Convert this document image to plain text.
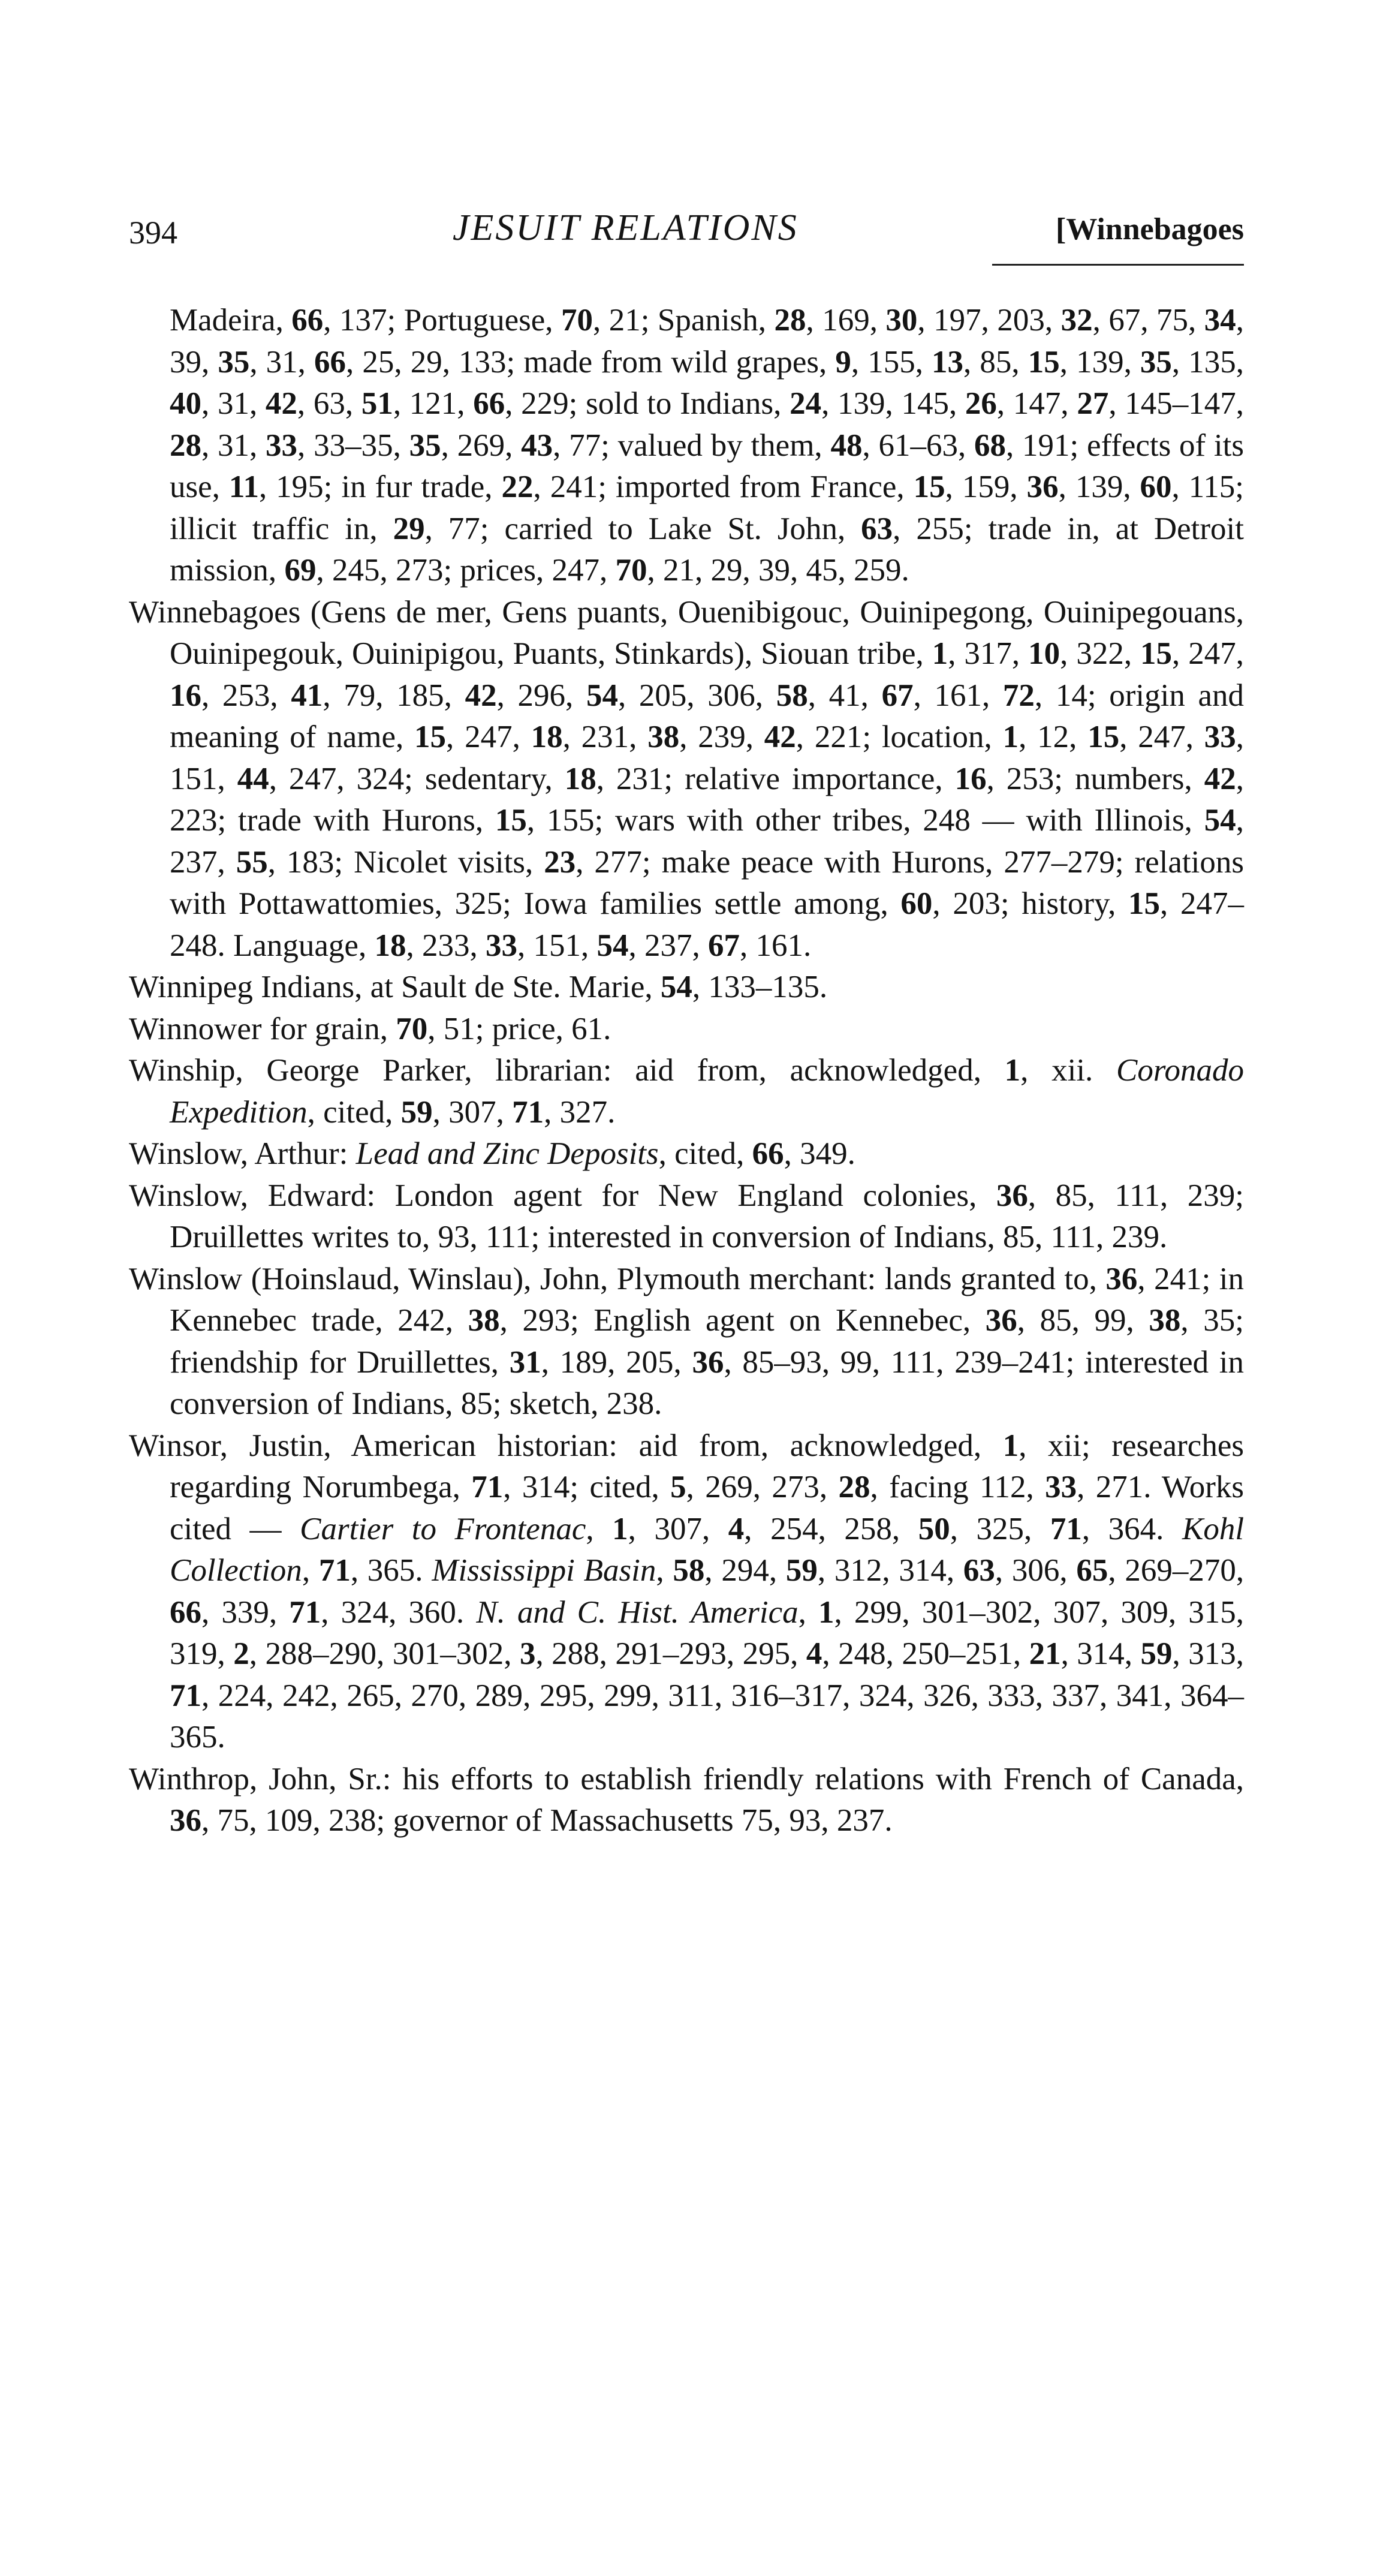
394	JESUIT RELATIONS	[Winnebagoes
Madeira, 66, 137; Portuguese, 70, 21; Spanish, 28, 169, 30, 197, 203, 32, 67, 75, 34, 39, 35, 31, 66, 25, 29, 133; made from wild grapes, 9, 155, 13, 85, 15, 139, 35, 135, 40, 31, 42, 63, 51, 121, 66, 229; sold to Indians, 24, 139, 145, 26, 147, 27, 145–147, 28, 31, 33, 33–35, 35, 269, 43, 77; valued by them, 48, 61–63, 68, 191; effects of its use, 11, 195; in fur trade, 22, 241; imported from France, 15, 159, 36, 139, 60, 115; illicit traffic in, 29, 77; carried to Lake St. John, 63, 255; trade in, at Detroit mission, 69, 245, 273; prices, 247, 70, 21, 29, 39, 45, 259.
Winnebagoes (Gens de mer, Gens puants, Ouenibigouc, Ouinipegong, Ouinipegouans, Ouinipegouk, Ouinipigou, Puants, Stinkards), Siouan tribe, 1, 317, 10, 322, 15, 247, 16, 253, 41, 79, 185, 42, 296, 54, 205, 306, 58, 41, 67, 161, 72, 14; origin and meaning of name, 15, 247, 18, 231, 38, 239, 42, 221; location, 1, 12, 15, 247, 33, 151, 44, 247, 324; sedentary, 18, 231; relative importance, 16, 253; numbers, 42, 223; trade with Hurons, 15, 155; wars with other tribes, 248 — with Illinois, 54, 237, 55, 183; Nicolet visits, 23, 277; make peace with Hurons, 277–279; relations with Pottawattomies, 325; Iowa families settle among, 60, 203; history, 15, 247–248. Language, 18, 233, 33, 151, 54, 237, 67, 161.
Winnipeg Indians, at Sault de Ste. Marie, 54, 133–135.
Winnower for grain, 70, 51; price, 61.
Winship, George Parker, librarian: aid from, acknowledged, 1, xii. Coronado Expedition, cited, 59, 307, 71, 327.
Winslow, Arthur: Lead and Zinc Deposits, cited, 66, 349.
Winslow, Edward: London agent for New England colonies, 36, 85, 111, 239; Druillettes writes to, 93, 111; interested in conversion of Indians, 85, 111, 239.
Winslow (Hoinslaud, Winslau), John, Plymouth merchant: lands granted to, 36, 241; in Kennebec trade, 242, 38, 293; English agent on Kennebec, 36, 85, 99, 38, 35; friendship for Druillettes, 31, 189, 205, 36, 85–93, 99, 111, 239–241; interested in conversion of Indians, 85; sketch, 238.
Winsor, Justin, American historian: aid from, acknowledged, 1, xii; researches regarding Norumbega, 71, 314; cited, 5, 269, 273, 28, facing 112, 33, 271. Works cited — Cartier to Frontenac, 1, 307, 4, 254, 258, 50, 325, 71, 364. Kohl Collection, 71, 365. Mississippi Basin, 58, 294, 59, 312, 314, 63, 306, 65, 269–270, 66, 339, 71, 324, 360. N. and C. Hist. America, 1, 299, 301–302, 307, 309, 315, 319, 2, 288–290, 301–302, 3, 288, 291–293, 295, 4, 248, 250–251, 21, 314, 59, 313, 71, 224, 242, 265, 270, 289, 295, 299, 311, 316–317, 324, 326, 333, 337, 341, 364–365.
Winthrop, John, Sr.: his efforts to establish friendly relations with French of Canada, 36, 75, 109, 238; governor of Massachusetts 75, 93, 237.
